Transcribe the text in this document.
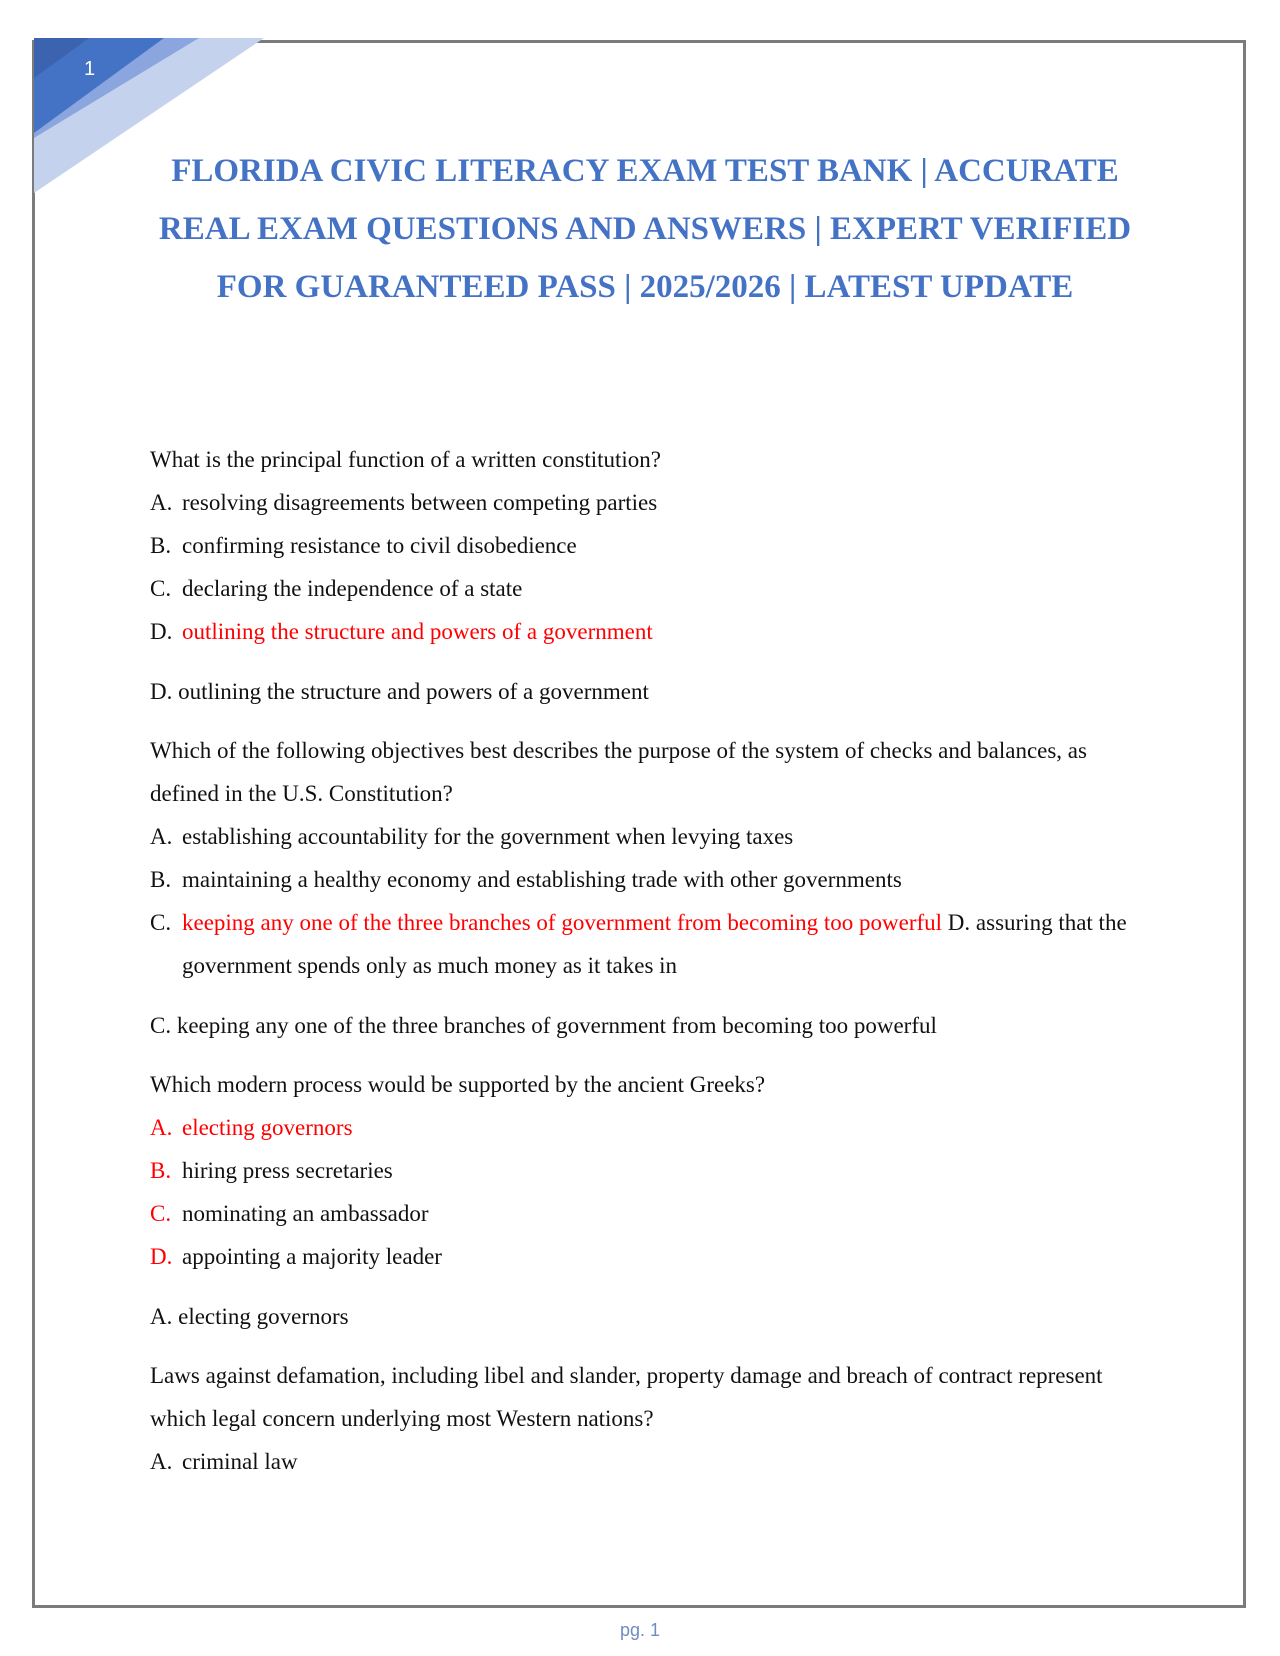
1
FLORIDA CIVIC LITERACY EXAM TEST BANK | ACCURATE REAL EXAM QUESTIONS AND ANSWERS | EXPERT VERIFIED FOR GUARANTEED PASS | 2025/2026 | LATEST UPDATE
What is the principal function of a written constitution?
A. resolving disagreements between competing parties
B. confirming resistance to civil disobedience
C. declaring the independence of a state
D. outlining the structure and powers of a government
D. outlining the structure and powers of a government
Which of the following objectives best describes the purpose of the system of checks and balances, as defined in the U.S. Constitution?
A. establishing accountability for the government when levying taxes
B. maintaining a healthy economy and establishing trade with other governments
C. keeping any one of the three branches of government from becoming too powerful D. assuring that the government spends only as much money as it takes in
C. keeping any one of the three branches of government from becoming too powerful
Which modern process would be supported by the ancient Greeks?
A. electing governors
B. hiring press secretaries
C. nominating an ambassador
D. appointing a majority leader
A. electing governors
Laws against defamation, including libel and slander, property damage and breach of contract represent which legal concern underlying most Western nations?
A. criminal law
pg. 1
